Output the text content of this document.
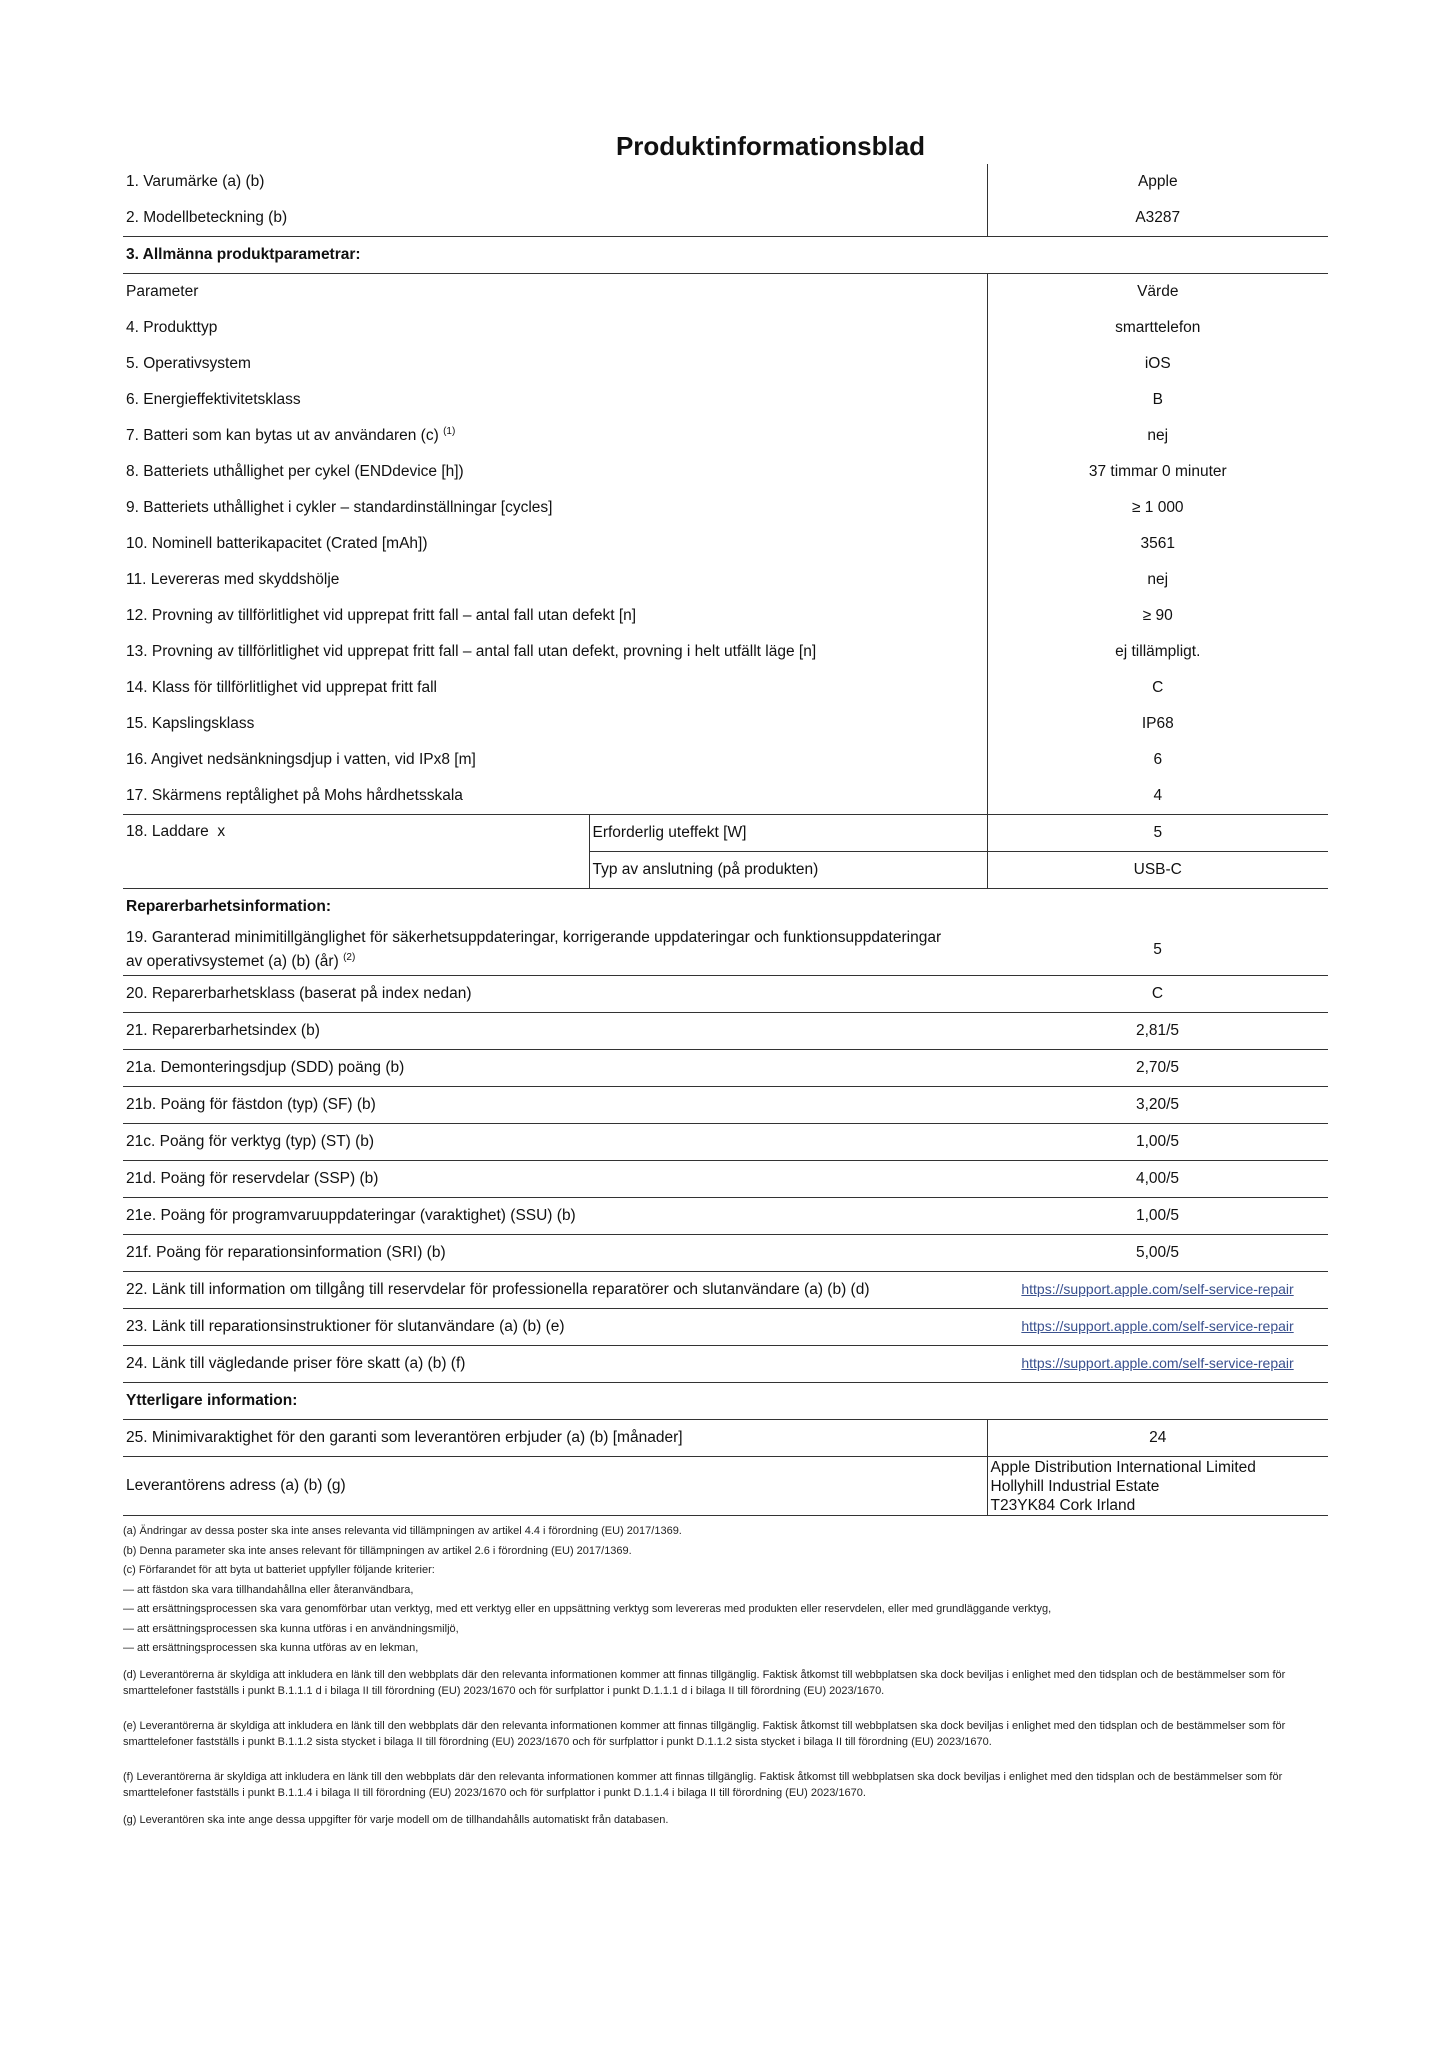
Produktinformationsblad
1. Varumärke (a) (b)		Apple
2. Modellbeteckning (b)		A3287
3. Allmänna produktparametrar:		
Parameter		Värde
4. Produkttyp		smarttelefon
5. Operativsystem		iOS
6. Energieffektivitetsklass		B
7. Batteri som kan bytas ut av användaren (c) $^{(1)}$		nej
8. Batteriets uthållighet per cykel (ENDdevice [h])		37 timmar 0 minuter
9. Batteriets uthållighet i cykler – standardinställningar [cycles]		≥ 1 000
10. Nominell batterikapacitet (Crated [mAh])		3561
11. Levereras med skyddshölje		nej
12. Provning av tillförlitlighet vid upprepat fritt fall – antal fall utan defekt [n]		≥ 90
13. Provning av tillförlitlighet vid upprepat fritt fall – antal fall utan defekt, provning i helt utfällt läge [n]		ej tillämpligt.
14. Klass för tillförlitlighet vid upprepat fritt fall		C
15. Kapslingsklass		IP68
16. Angivet nedsänkningsdjup i vatten, vid IPx8 [m]		6
17. Skärmens reptålighet på Mohs hårdhetsskala		4
18. Laddare x	Erforderlig uteffekt [W]	5
	Typ av anslutning (på produkten)	USB-C
Reparerbarhetsinformation:		

19. Garanterad minimitillgänglighet för säkerhetsuppdateringar, korrigerande uppdateringar och funktionsuppdateringar
av operativsystemet (a) (b) (år) $^{(2)}$		5
20. Reparerbarhetsklass (baserat på index nedan)		C
21. Reparerbarhetsindex (b)		2,81/5
21a. Demonteringsdjup (SDD) poäng (b)		2,70/5
21b. Poäng för fästdon (typ) (SF) (b)		3,20/5
21c. Poäng för verktyg (typ) (ST) (b)		1,00/5
21d. Poäng för reservdelar (SSP) (b)		4,00/5
21e. Poäng för programvaruuppdateringar (varaktighet) (SSU) (b)		1,00/5
21f. Poäng för reparationsinformation (SRI) (b)		5,00/5
22. Länk till information om tillgång till reservdelar för professionella reparatörer och slutanvändare (a) (b) (d)		https://support.apple.com/self-service-repair
23. Länk till reparationsinstruktioner för slutanvändare (a) (b) (e)		https://support.apple.com/self-service-repair
24. Länk till vägledande priser före skatt (a) (b) (f)		https://support.apple.com/self-service-repair
Ytterligare information:		
25. Minimivaraktighet för den garanti som leverantören erbjuder (a) (b) [månader]		24
Leverantörens adress (a) (b) (g)		Apple Distribution International Limited
Hollyhill Industrial Estate
T23YK84 Cork Irland
(a) Ändringar av dessa poster ska inte anses relevanta vid tillämpningen av artikel 4.4 i förordning (EU) 2017/1369.
(b) Denna parameter ska inte anses relevant för tillämpningen av artikel 2.6 i förordning (EU) 2017/1369.
(c) Förfarandet för att byta ut batteriet uppfyller följande kriterier:
— att fästdon ska vara tillhandahållna eller återanvändbara,
— att ersättningsprocessen ska vara genomförbar utan verktyg, med ett verktyg eller en uppsättning verktyg som levereras med produkten eller reservdelen, eller med grundläggande verktyg,
— att ersättningsprocessen ska kunna utföras i en användningsmiljö,
— att ersättningsprocessen ska kunna utföras av en lekman,
(d) Leverantörerna är skyldiga att inkludera en länk till den webbplats där den relevanta informationen kommer att finnas tillgänglig. Faktisk åtkomst till webbplatsen ska dock beviljas i enlighet med den tidsplan och de bestämmelser som för smarttelefoner fastställs i punkt B.1.1.1 d i bilaga II till förordning (EU) 2023/1670 och för surfplattor i punkt D.1.1.1 d i bilaga II till förordning (EU) 2023/1670.
(e) Leverantörerna är skyldiga att inkludera en länk till den webbplats där den relevanta informationen kommer att finnas tillgänglig. Faktisk åtkomst till webbplatsen ska dock beviljas i enlighet med den tidsplan och de bestämmelser som för smarttelefoner fastställs i punkt B.1.1.2 sista stycket i bilaga II till förordning (EU) 2023/1670 och för surfplattor i punkt D.1.1.2 sista stycket i bilaga II till förordning (EU) 2023/1670.
(f) Leverantörerna är skyldiga att inkludera en länk till den webbplats där den relevanta informationen kommer att finnas tillgänglig. Faktisk åtkomst till webbplatsen ska dock beviljas i enlighet med den tidsplan och de bestämmelser som för smarttelefoner fastställs i punkt B.1.1.4 i bilaga II till förordning (EU) 2023/1670 och för surfplattor i punkt D.1.1.4 i bilaga II till förordning (EU) 2023/1670.
(g) Leverantören ska inte ange dessa uppgifter för varje modell om de tillhandahålls automatiskt från databasen.
